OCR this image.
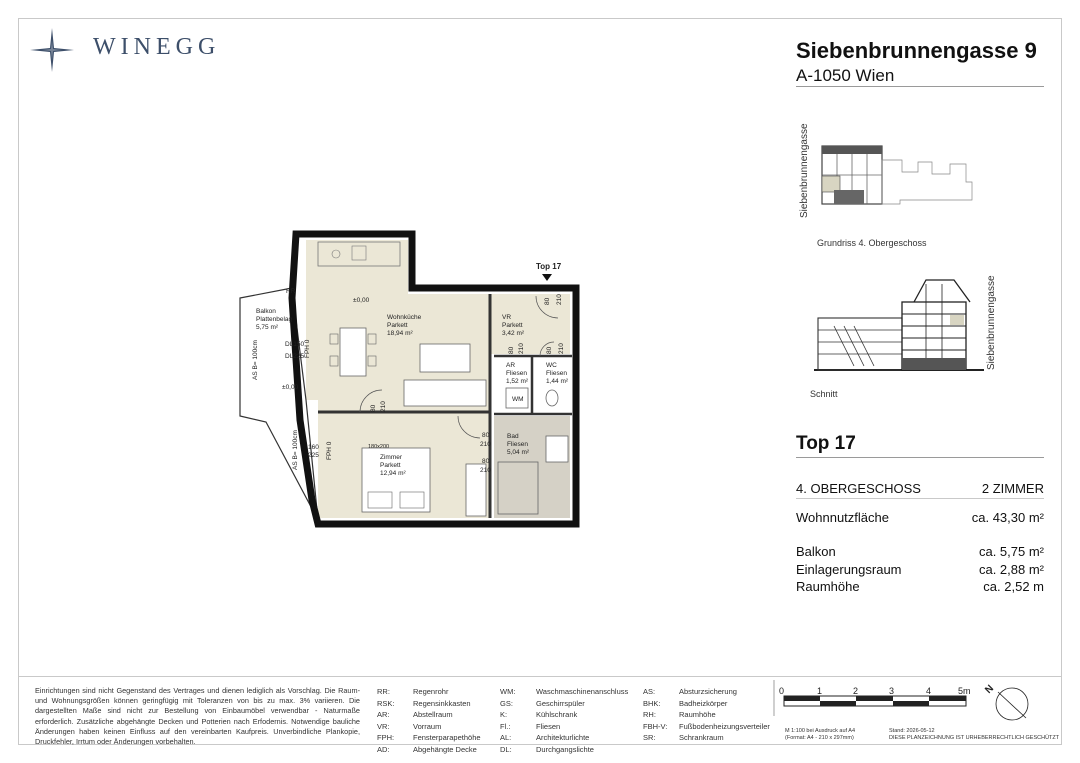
WINEGG	Siebenbrunnengasse 9
A-1050 Wien
Siebenbrunnengasse
Grundriss 4. Obergeschoss
Siebenbrunnengasse
Schnitt
Top 17
4. OBERGESCHOSS	2 ZIMMER
Wohnnutzfläche	ca. 43,30 m²
Balkon	ca. 5,75 m²
Einlagerungsraum	ca. 2,88 m²
Raumhöhe	ca. 2,52 m
Top 17
Balkon
Plattenbelag
5,75 m²
Wohnküche
Parkett
18,94 m²
VR
Parkett
3,42 m²
AR
Fliesen
1,52 m²
WC
Fliesen
1,44 m²
Zimmer
Parkett
12,94 m²
Bad
Fliesen
5,04 m²
±0,00
±0,00
WM
RR
DL150
DL225
160
225
180x200
FPH 0
FPH 0
AS B= 100cm
AS B= 100cm
80 210
80
210
80
210
80 210	80 210
80 210
Einrichtungen sind nicht Gegenstand des Vertrages und dienen lediglich als Vorschlag. Die Raum- und Wohnungsgrößen können geringfügig mit Toleranzen von bis zu max. 3% variieren. Die dargestellten Maße sind nicht zur Bestellung von Einbaumöbel verwendbar - Naturmaße erforderlich. Zusätzliche abgehängte Decken und Potterien nach Erfodernis. Notwendige bauliche Änderungen haben keinen Einfluss auf den vereinbarten Kaufpreis. Unverbindliche Plankopie, Druckfehler, Irrtum oder Änderungen vorbehalten.
RR:	Regenrohr
RSK: Regensinkkasten
AR:	Abstellraum
VR:	Vorraum
FPH:	Fensterparapethöhe
AD:	Abgehängte Decke
WM:	Waschmaschinenanschluss
GS:	Geschirrspüler
K:	Kühlschrank
Fl.:	Fliesen
AL:	Architekturlichte
DL:	Durchgangslichte
AS:	Absturzsicherung
BHK: Badheizkörper
RH:	Raumhöhe
FBH-V: Fußbodenheizungsverteiler
SR:	Schrankraum
0	1	2	3	4	5m N
M 1:100 bei Ausdruck auf A4
(Format: A4 - 210 x 297mm)
Stand: 2026-05-12
DIESE PLANZEICHNUNG IST URHEBERRECHTLICH GESCHÜTZT
